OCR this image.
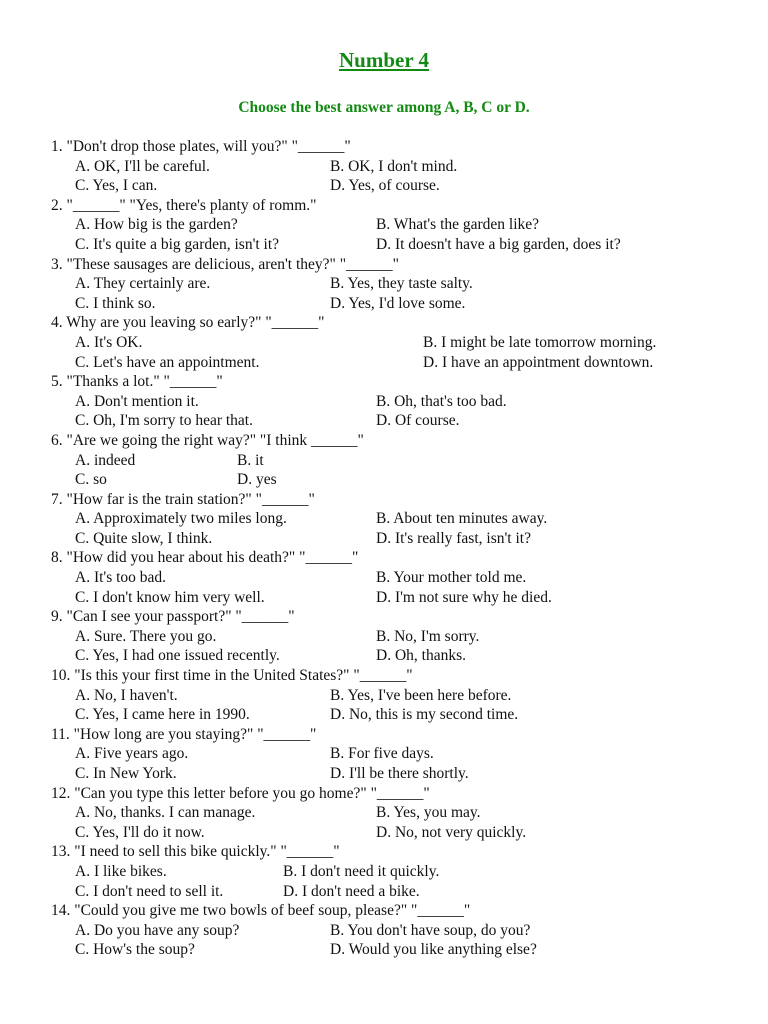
Number 4
Choose the best answer among A, B, C or D.
1. "Don't drop those plates, will you?" "______"
A. OK, I'll be careful.	B. OK, I don't mind.
C. Yes, I can.	D. Yes, of course.
2. "______" "Yes, there's planty of romm."
A. How big is the garden?	B. What's the garden like?
C. It's quite a big garden, isn't it?	D. It doesn't have a big garden, does it?
3. "These sausages are delicious, aren't they?" "______"
A. They certainly are.	B. Yes, they taste salty.
C. I think so.	D. Yes, I'd love some.
4. Why are you leaving so early?" "______"
A. It's OK.	B. I might be late tomorrow morning.
C. Let's have an appointment.	D. I have an appointment downtown.
5. "Thanks a lot." "______"
A. Don't mention it.	B. Oh, that's too bad.
C. Oh, I'm sorry to hear that.	D. Of course.
6. "Are we going the right way?" "I think ______"
A. indeed	B. it
C. so	D. yes
7. "How far is the train station?" "______"
A. Approximately two miles long.	B. About ten minutes away.
C. Quite slow, I think.	D. It's really fast, isn't it?
8. "How did you hear about his death?" "______"
A. It's too bad.	B. Your mother told me.
C. I don't know him very well.	D. I'm not sure why he died.
9. "Can I see your passport?" "______"
A. Sure. There you go.	B. No, I'm sorry.
C. Yes, I had one issued recently.	D. Oh, thanks.
10. "Is this your first time in the United States?" "______"
A. No, I haven't.	B. Yes, I've been here before.
C. Yes, I came here in 1990.	D. No, this is my second time.
11. "How long are you staying?" "______"
A. Five years ago.	B. For five days.
C. In New York.	D. I'll be there shortly.
12. "Can you type this letter before you go home?" "______"
A. No, thanks. I can manage.	B. Yes, you may.
C. Yes, I'll do it now.	D. No, not very quickly.
13. "I need to sell this bike quickly." "______"
A. I like bikes.	B. I don't need it quickly.
C. I don't need to sell it.	D. I don't need a bike.
14. "Could you give me two bowls of beef soup, please?" "______"
A. Do you have any soup?	B. You don't have soup, do you?
C. How's the soup?	D. Would you like anything else?
